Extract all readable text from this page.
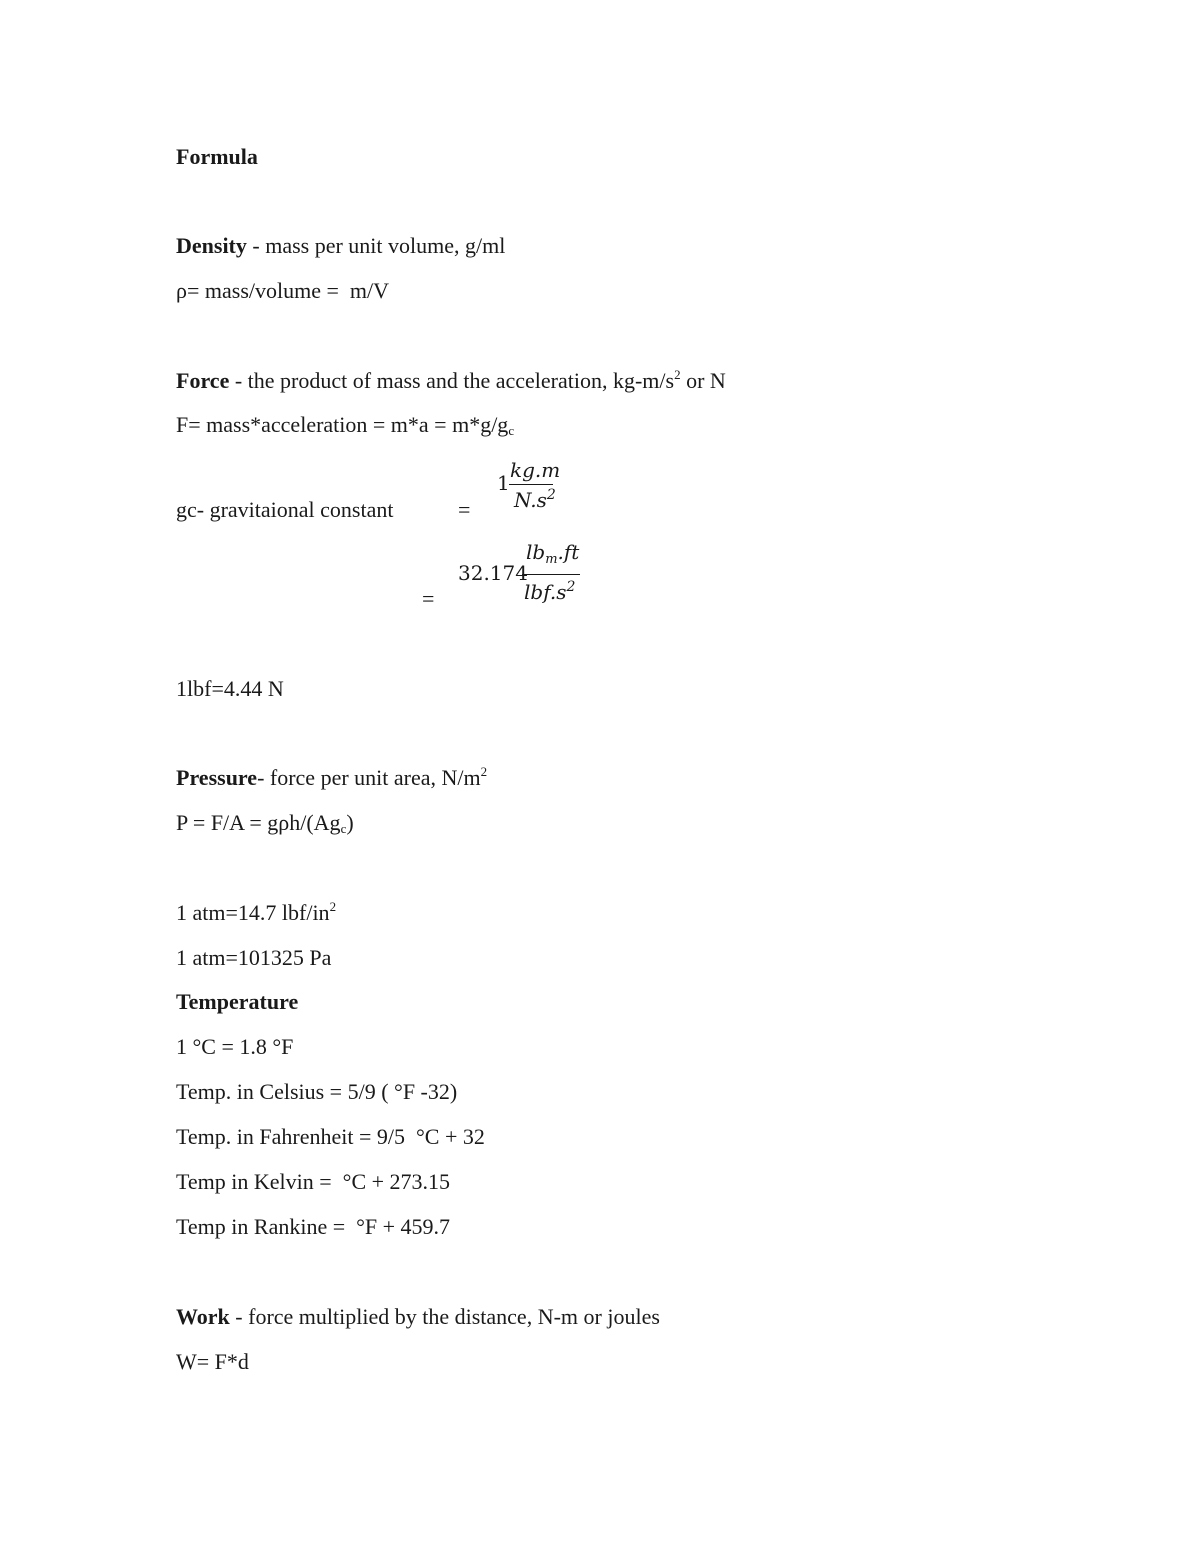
Formula
Density - mass per unit volume, g/ml
ρ= mass/volume =  m/V
Force - the product of mass and the acceleration, $kg-m/s^2$ or N
F= mass*acceleration = $m*a = m*g/g_c$
gc- gravitaional constant	=
1
kg.m
$N.s^2$
=
32.174
$lb_m.ft$
$lbf.s^2$
1lbf=4.44 N
Pressure- force per unit area, $N/m^2$
P = F/A = gρh/$(Ag_c)$
1 atm=14.7 lbf/$in^2$
1 atm=101325 Pa
Temperature
1 °C = 1.8 °F
Temp. in Celsius = 5/9 ( °F -32)
Temp. in Fahrenheit = 9/5  °C + 32
Temp in Kelvin =  °C + 273.15
Temp in Rankine =  °F + 459.7
Work - force multiplied by the distance, N-m or joules
W= F*d
